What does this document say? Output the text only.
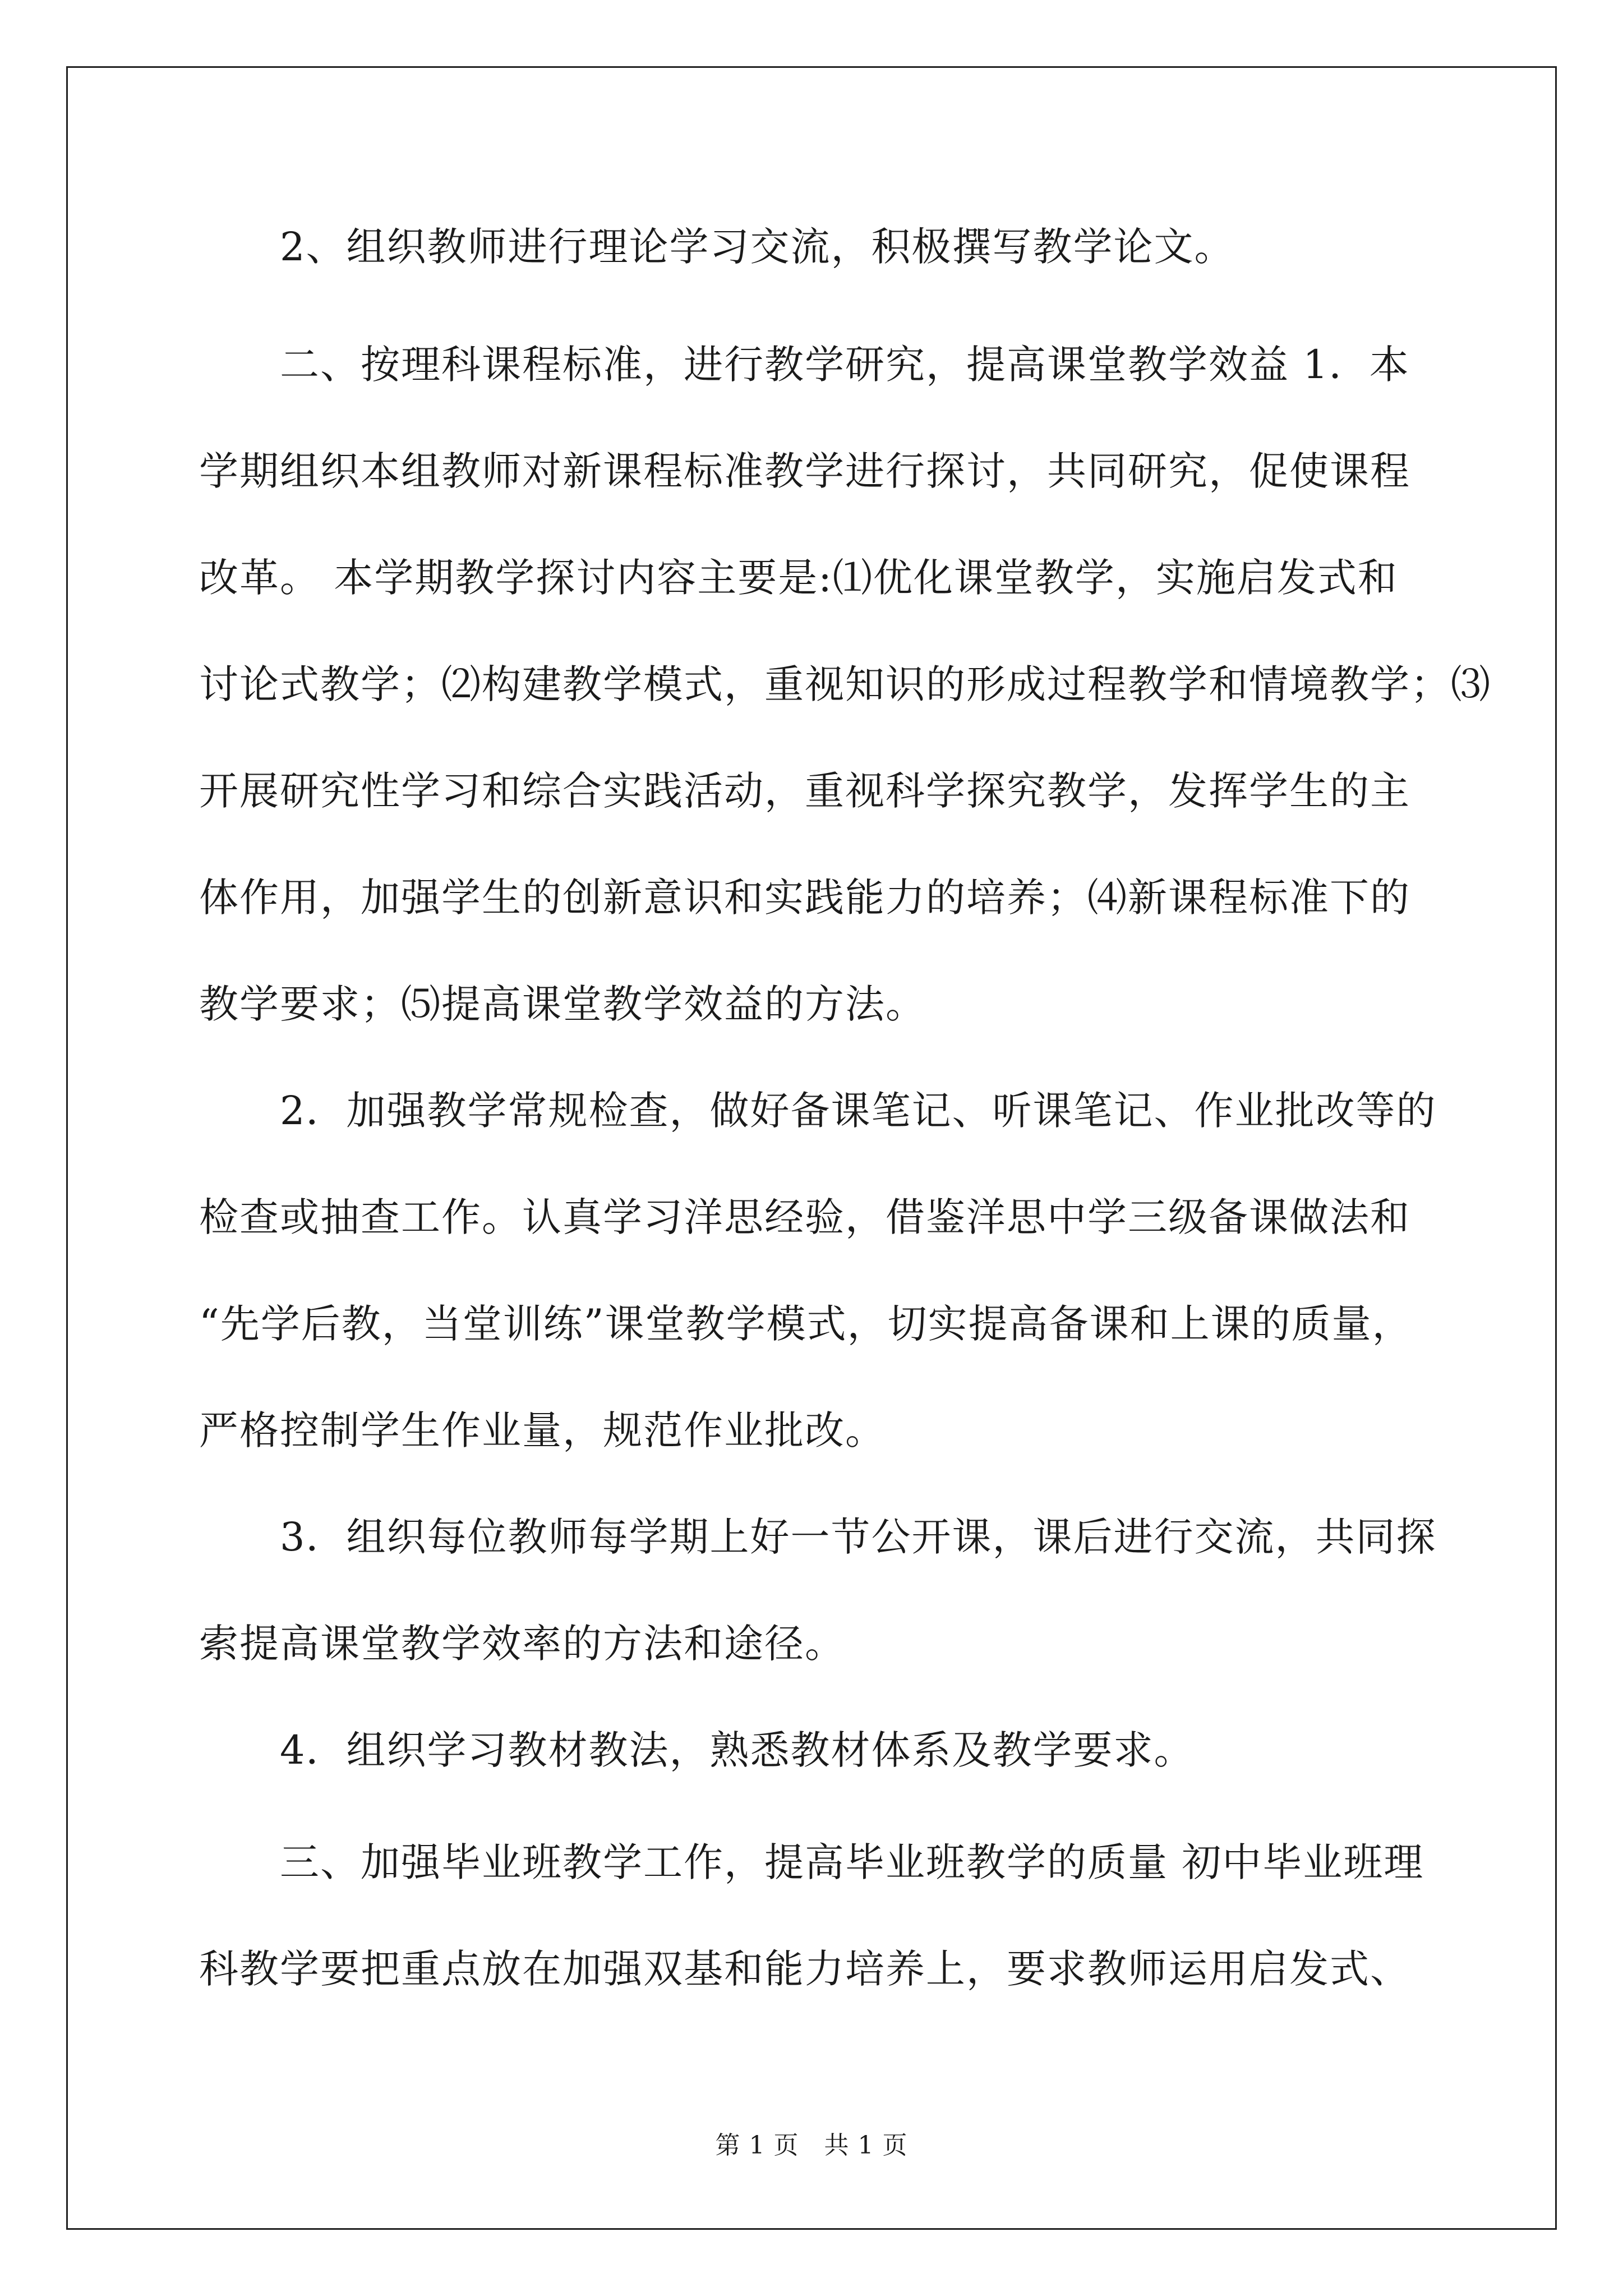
　　2、组织教师进行理论学习交流，积极撰写教学论文。
　　二、按理科课程标准，进行教学研究，提高课堂教学效益 1．本
学期组织本组教师对新课程标准教学进行探讨，共同研究，促使课程
改革。 本学期教学探讨内容主要是:⑴优化课堂教学，实施启发式和
讨论式教学；⑵构建教学模式，重视知识的形成过程教学和情境教学；⑶
开展研究性学习和综合实践活动，重视科学探究教学，发挥学生的主
体作用，加强学生的创新意识和实践能力的培养；⑷新课程标准下的
教学要求；⑸提高课堂教学效益的方法。
　　2．加强教学常规检查，做好备课笔记、听课笔记、作业批改等的
检查或抽查工作。认真学习洋思经验，借鉴洋思中学三级备课做法和
“先学后教，当堂训练”课堂教学模式，切实提高备课和上课的质量，
严格控制学生作业量，规范作业批改。
　　3．组织每位教师每学期上好一节公开课，课后进行交流，共同探
索提高课堂教学效率的方法和途径。
　　4．组织学习教材教法，熟悉教材体系及教学要求。
　　三、加强毕业班教学工作，提高毕业班教学的质量 初中毕业班理
科教学要把重点放在加强双基和能力培养上，要求教师运用启发式、
第 1 页　共 1 页
